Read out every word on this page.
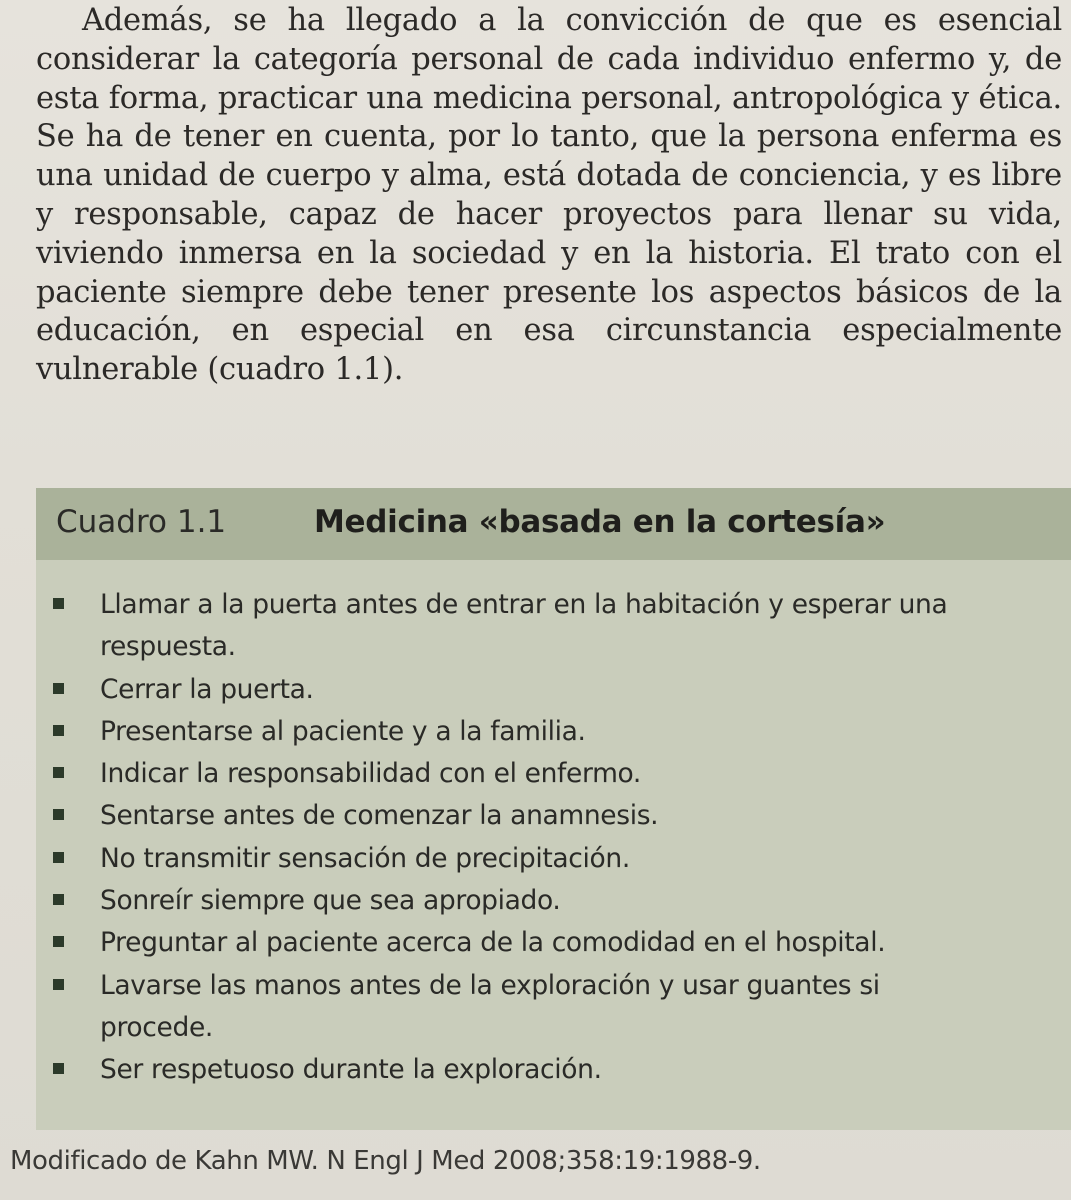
Además, se ha llegado a la convicción de que es esencial considerar la categoría personal de cada individuo enfermo y, de esta forma, practicar una medicina personal, antropológica y ética. Se ha de tener en cuenta, por lo tanto, que la persona enferma es una unidad de cuerpo y alma, está dotada de conciencia, y es libre y responsable, capaz de hacer proyectos para llenar su vida, viviendo inmersa en la sociedad y en la historia. El trato con el paciente siempre debe tener presente los aspectos básicos de la educación, en especial en esa circunstancia especialmente vulnerable (cuadro 1.1).

Cuadro 1.1	Medicina «basada en la cortesía»
Llamar a la puerta antes de entrar en la habitación y esperar una respuesta.
Cerrar la puerta.
Presentarse al paciente y a la familia.
Indicar la responsabilidad con el enfermo.
Sentarse antes de comenzar la anamnesis.
No transmitir sensación de precipitación.
Sonreír siempre que sea apropiado.
Preguntar al paciente acerca de la comodidad en el hospital.
Lavarse las manos antes de la exploración y usar guantes si procede.
Ser respetuoso durante la exploración.
Modificado de Kahn MW. N Engl J Med 2008;358:19:1988-9.
